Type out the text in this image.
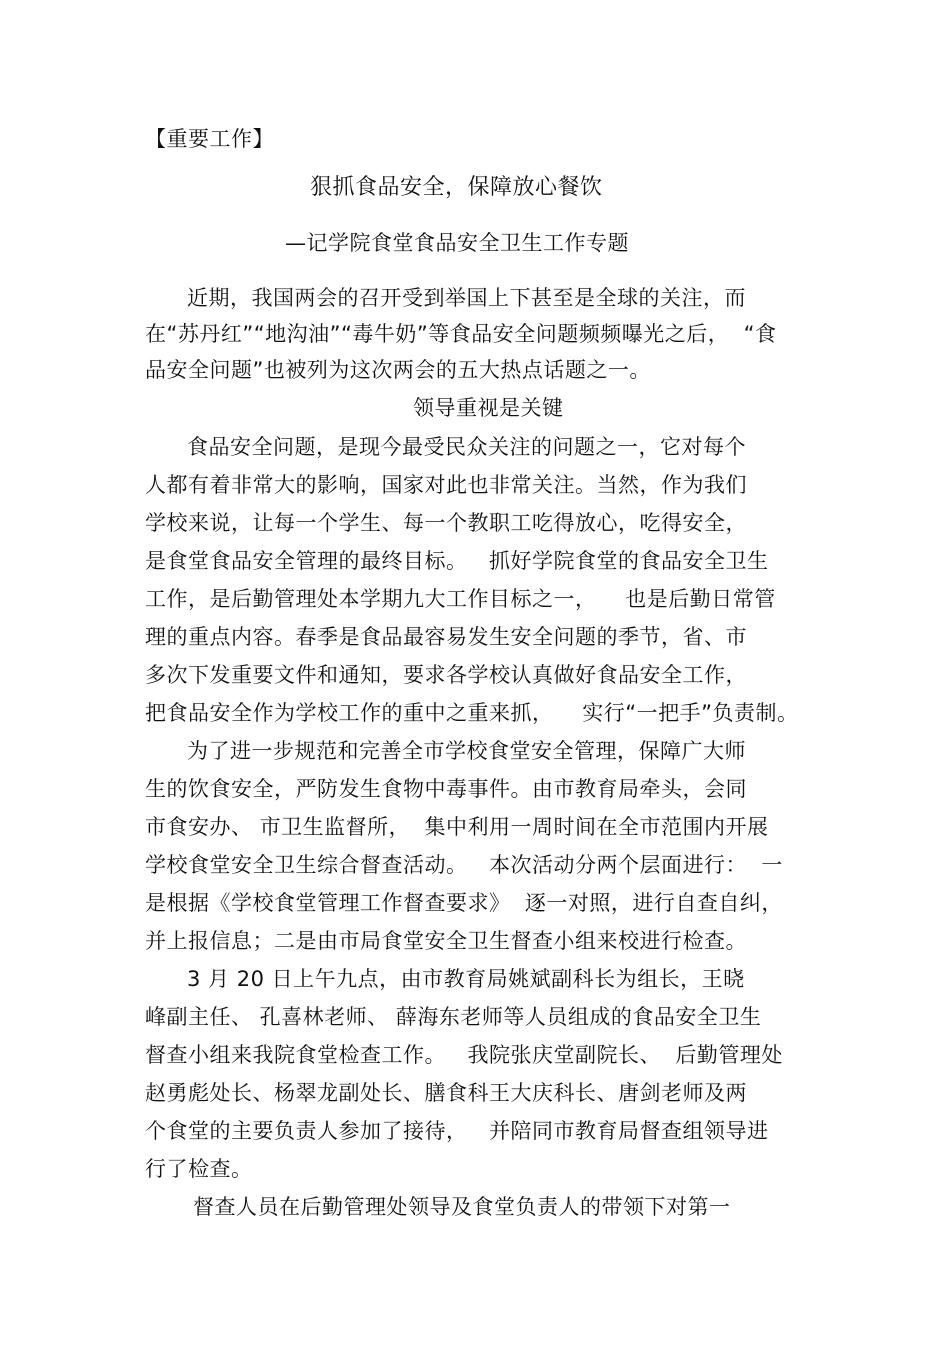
【重要工作】
狠抓食品安全，保障放心餐饮
—记学院食堂食品安全卫生工作专题
近期，我国两会的召开受到举国上下甚至是全球的关注，而
在“苏丹红”“地沟油”“毒牛奶”等食品安全问题频频曝光之后，  “食
品安全问题”也被列为这次两会的五大热点话题之一。
领导重视是关键
食品安全问题，是现今最受民众关注的问题之一，它对每个
人都有着非常大的影响，国家对此也非常关注。当然，作为我们
学校来说，让每一个学生、每一个教职工吃得放心，吃得安全，
是食堂食品安全管理的最终目标。   抓好学院食堂的食品安全卫生
工作，是后勤管理处本学期九大工作目标之一，    也是后勤日常管
理的重点内容。春季是食品最容易发生安全问题的季节，省、市
多次下发重要文件和通知，要求各学校认真做好食品安全工作，
把食品安全作为学校工作的重中之重来抓，    实行“一把手”负责制。
为了进一步规范和完善全市学校食堂安全管理，保障广大师
生的饮食安全，严防发生食物中毒事件。由市教育局牵头，会同
市食安办、 市卫生监督所，  集中利用一周时间在全市范围内开展
学校食堂安全卫生综合督查活动。   本次活动分两个层面进行：  一
是根据《学校食堂管理工作督查要求》  逐一对照，进行自查自纠，
并上报信息；二是由市局食堂安全卫生督查小组来校进行检查。
3 月 20 日上午九点，由市教育局姚斌副科长为组长，王晓
峰副主任、 孔喜林老师、 薛海东老师等人员组成的食品安全卫生
督查小组来我院食堂检查工作。   我院张庆堂副院长、  后勤管理处
赵勇彪处长、杨翠龙副处长、膳食科王大庆科长、唐剑老师及两
个食堂的主要负责人参加了接待，   并陪同市教育局督查组领导进
行了检查。
督查人员在后勤管理处领导及食堂负责人的带领下对第一
